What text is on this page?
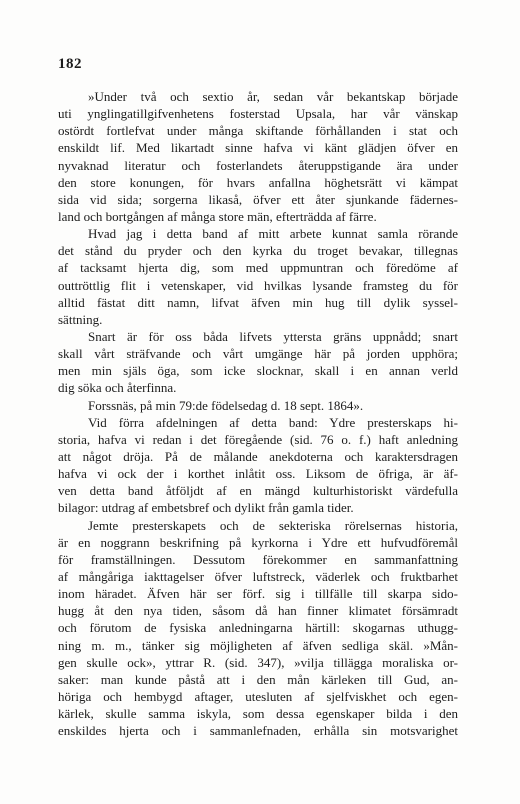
182
»Under två och sextio år, sedan vår bekantskap började
uti ynglingatillgifvenhetens fosterstad Upsala, har vår vänskap
ostördt fortlefvat under många skiftande förhållanden i stat och
enskildt lif. Med likartadt sinne hafva vi känt glädjen öfver en
nyvaknad literatur och fosterlandets återuppstigande ära under
den store konungen, för hvars anfallna höghetsrätt vi kämpat
sida vid sida; sorgerna likaså, öfver ett åter sjunkande fädernes-
land och bortgången af många store män, efterträdda af färre.
Hvad jag i detta band af mitt arbete kunnat samla rörande
det stånd du pryder och den kyrka du troget bevakar, tillegnas
af tacksamt hjerta dig, som med uppmuntran och föredöme af
outtröttlig flit i vetenskaper, vid hvilkas lysande framsteg du för
alltid fästat ditt namn, lifvat äfven min hug till dylik syssel-
sättning.
Snart är för oss båda lifvets yttersta gräns uppnådd; snart
skall vårt sträfvande och vårt umgänge här på jorden upphöra;
men min själs öga, som icke slocknar, skall i en annan verld
dig söka och återfinna.
Forssnäs, på min 79:de födelsedag d. 18 sept. 1864».
Vid förra afdelningen af detta band: Ydre presterskaps hi-
storia, hafva vi redan i det föregående (sid. 76 o. f.) haft anledning
att något dröja. På de målande anekdoterna och karaktersdragen
hafva vi ock der i korthet inlåtit oss. Liksom de öfriga, är äf-
ven detta band åtföljdt af en mängd kulturhistoriskt värdefulla
bilagor: utdrag af embetsbref och dylikt från gamla tider.
Jemte presterskapets och de sekteriska rörelsernas historia,
är en noggrann beskrifning på kyrkorna i Ydre ett hufvudföremål
för framställningen. Dessutom förekommer en sammanfattning
af mångåriga iakttagelser öfver luftstreck, väderlek och fruktbarhet
inom häradet. Äfven här ser förf. sig i tillfälle till skarpa sido-
hugg åt den nya tiden, såsom då han finner klimatet försämradt
och förutom de fysiska anledningarna härtill: skogarnas uthugg-
ning m. m., tänker sig möjligheten af äfven sedliga skäl. »Mån-
gen skulle ock», yttrar R. (sid. 347), »vilja tillägga moraliska or-
saker: man kunde påstå att i den mån kärleken till Gud, an-
höriga och hembygd aftager, utesluten af sjelfviskhet och egen-
kärlek, skulle samma iskyla, som dessa egenskaper bilda i den
enskildes hjerta och i sammanlefnaden, erhålla sin motsvarighet
